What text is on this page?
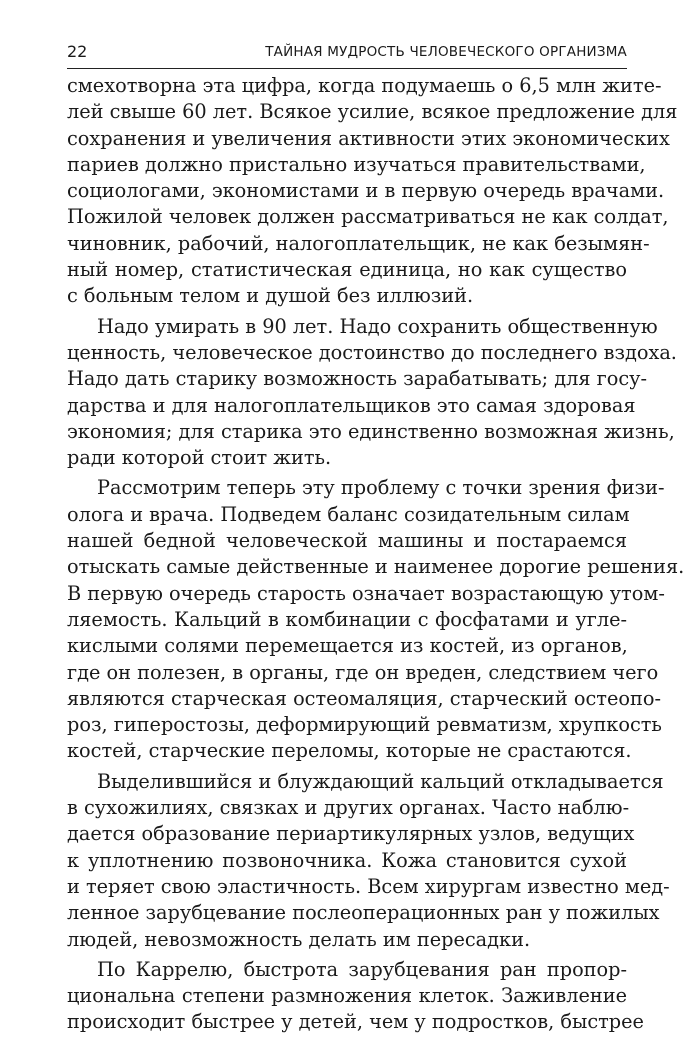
22	ТАЙНАЯ МУДРОСТЬ ЧЕЛОВЕЧЕСКОГО ОРГАНИЗМА
смехотворна эта цифра, когда подумаешь о 6,5 млн жите-
лей свыше 60 лет. Всякое усилие, всякое предложение для
сохранения и увеличения активности этих экономических
париев должно пристально изучаться правительствами,
социологами, экономистами и в первую очередь врачами.
Пожилой человек должен рассматриваться не как солдат,
чиновник, рабочий, налогоплательщик, не как безымян-
ный номер, статистическая единица, но как существо
с больным телом и душой без иллюзий.
Надо умирать в 90 лет. Надо сохранить общественную
ценность, человеческое достоинство до последнего вздоха.
Надо дать старику возможность зарабатывать; для госу-
дарства и для налогоплательщиков это самая здоровая
экономия; для старика это единственно возможная жизнь,
ради которой стоит жить.
Рассмотрим теперь эту проблему с точки зрения физи-
олога и врача. Подведем баланс созидательным силам
нашей бедной человеческой машины и постараемся
отыскать самые действенные и наименее дорогие решения.
В первую очередь старость означает возрастающую утом-
ляемость. Кальций в комбинации с фосфатами и угле-
кислыми солями перемещается из костей, из органов,
где он полезен, в органы, где он вреден, следствием чего
являются старческая остеомаляция, старческий остеопо-
роз, гиперостозы, деформирующий ревматизм, хрупкость
костей, старческие переломы, которые не срастаются.
Выделившийся и блуждающий кальций откладывается
в сухожилиях, связках и других органах. Часто наблю-
дается образование периартикулярных узлов, ведущих
к уплотнению позвоночника. Кожа становится сухой
и теряет свою эластичность. Всем хирургам известно мед-
ленное зарубцевание послеоперационных ран у пожилых
людей, невозможность делать им пересадки.
По Каррелю, быстрота зарубцевания ран пропор-
циональна степени размножения клеток. Заживление
происходит быстрее у детей, чем у подростков, быстрее
